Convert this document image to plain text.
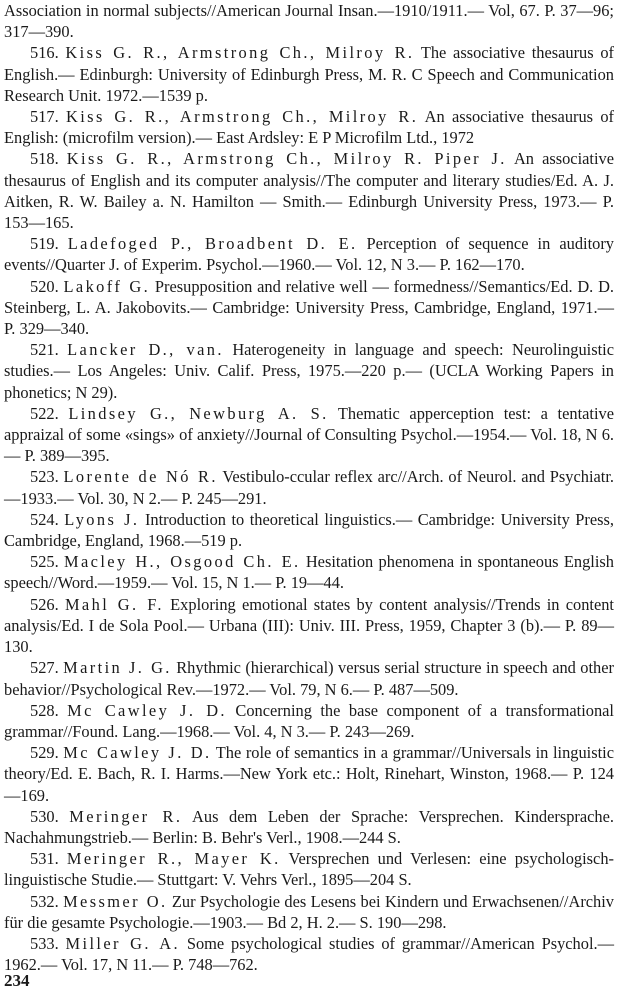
Association in normal subjects//American Journal Insan.—1910/1911.— Vol, 67. P. 37—96; 317—390.

516. Kiss G. R., Armstrong Ch., Milroy R. The associative thesaurus of English.— Edinburgh: University of Edinburgh Press, M. R. C Speech and Communication Research Unit. 1972.—1539 p.

517. Kiss G. R., Armstrong Ch., Milroy R. An associative thesaurus of English: (microfilm version).— East Ardsley: E P Microfilm Ltd., 1972

518. Kiss G. R., Armstrong Ch., Milroy R. Piper J. An associative thesaurus of English and its computer analysis//The computer and literary studies/Ed. A. J. Aitken, R. W. Bailey a. N. Hamilton — Smith.— Edinburgh University Press, 1973.— P. 153—165.

519. Ladefoged P., Broadbent D. E. Perception of sequence in auditory events//Quarter J. of Experim. Psychol.—1960.— Vol. 12, N 3.— P. 162—170.

520. Lakoff G. Presupposition and relative well — formedness//Semantics/Ed. D. D. Steinberg, L. A. Jakobovits.— Cambridge: University Press, Cambridge, England, 1971.— P. 329—340.

521. Lancker D., van. Haterogeneity in language and speech: Neurolinguistic studies.— Los Angeles: Univ. Calif. Press, 1975.—220 p.— (UCLA Working Papers in phonetics; N 29).

522. Lindsey G., Newburg A. S. Thematic apperception test: a tentative appraizal of some «sings» of anxiety//Journal of Consulting Psychol.—1954.— Vol. 18, N 6.— P. 389—395.

523. Lorente de Nó R. Vestibulo-ccular reflex arc//Arch. of Neurol. and Psychiatr.—1933.— Vol. 30, N 2.— P. 245—291.

524. Lyons J. Introduction to theoretical linguistics.— Cambridge: University Press, Cambridge, England, 1968.—519 p.

525. Macley H., Osgood Ch. E. Hesitation phenomena in spontaneous English speech//Word.—1959.— Vol. 15, N 1.— P. 19—44.

526. Mahl G. F. Exploring emotional states by content analysis//Trends in content analysis/Ed. I de Sola Pool.— Urbana (III): Univ. III. Press, 1959, Chapter 3 (b).— P. 89—130.

527. Martin J. G. Rhythmic (hierarchical) versus serial structure in speech and other behavior//Psychological Rev.—1972.— Vol. 79, N 6.— P. 487—509.

528. Mc Cawley J. D. Concerning the base component of a transformational grammar//Found. Lang.—1968.— Vol. 4, N 3.— P. 243—269.

529. Mc Cawley J. D. The role of semantics in a grammar//Universals in linguistic theory/Ed. E. Bach, R. I. Harms.—New York etc.: Holt, Rinehart, Winston, 1968.— P. 124—169.

530. Meringer R. Aus dem Leben der Sprache: Versprechen. Kindersprache. Nachahmungstrieb.— Berlin: B. Behr's Verl., 1908.—244 S.

531. Meringer R., Mayer K. Versprechen und Verlesen: eine psychologisch-linguistische Studie.— Stuttgart: V. Vehrs Verl., 1895—204 S.

532. Messmer O. Zur Psychologie des Lesens bei Kindern und Erwachsenen//Archiv für die gesamte Psychologie.—1903.— Bd 2, H. 2.— S. 190—298.

533. Miller G. A. Some psychological studies of grammar//American Psychol.—1962.— Vol. 17, N 11.— P. 748—762.

234
